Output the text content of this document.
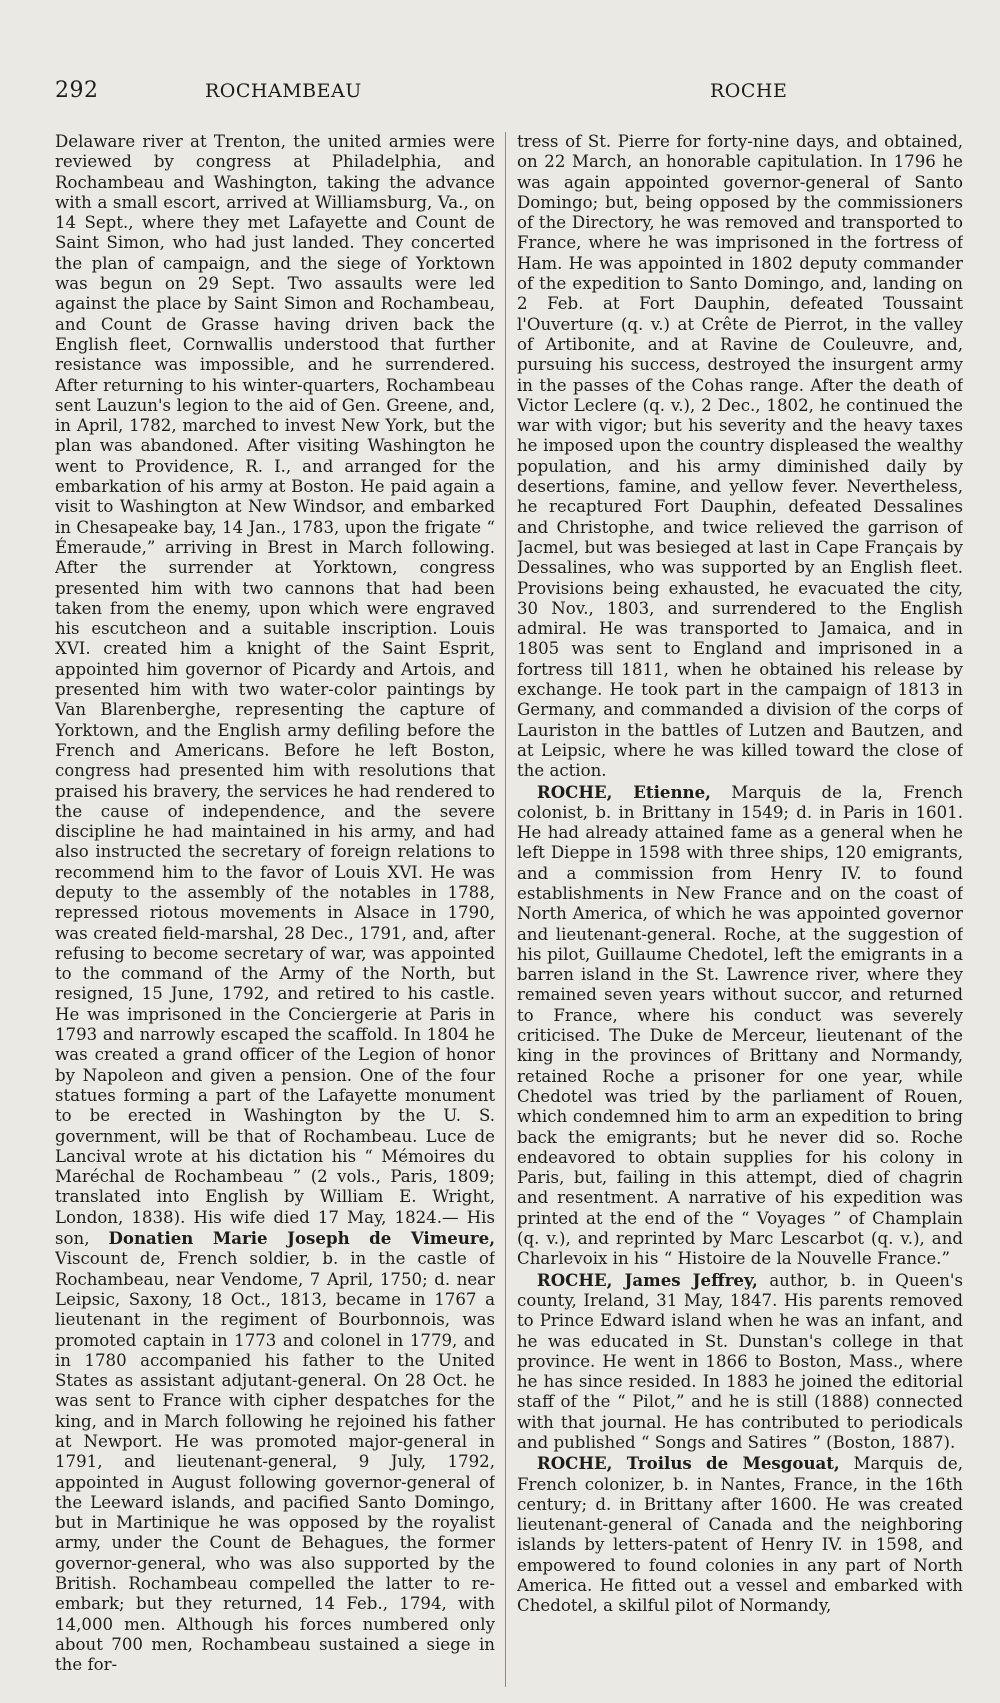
292	ROCHAMBEAU	ROCHE

Delaware river at Trenton, the united armies were reviewed by congress at Philadelphia, and Rochambeau and Washington, taking the advance with a small escort, arrived at Williamsburg, Va., on 14 Sept., where they met Lafayette and Count de Saint Simon, who had just landed. They concerted the plan of campaign, and the siege of Yorktown was begun on 29 Sept. Two assaults were led against the place by Saint Simon and Rochambeau, and Count de Grasse having driven back the English fleet, Cornwallis understood that further resistance was impossible, and he surrendered. After returning to his winter-quarters, Rochambeau sent Lauzun's legion to the aid of Gen. Greene, and, in April, 1782, marched to invest New York, but the plan was abandoned. After visiting Washington he went to Providence, R. I., and arranged for the embarkation of his army at Boston. He paid again a visit to Washington at New Windsor, and embarked in Chesapeake bay, 14 Jan., 1783, upon the frigate “ Émeraude,” arriving in Brest in March following. After the surrender at Yorktown, congress presented him with two cannons that had been taken from the enemy, upon which were engraved his escutcheon and a suitable inscription. Louis XVI. created him a knight of the Saint Esprit, appointed him governor of Picardy and Artois, and presented him with two water-color paintings by Van Blarenberghe, representing the capture of Yorktown, and the English army defiling before the French and Americans. Before he left Boston, congress had presented him with resolutions that praised his bravery, the services he had rendered to the cause of independence, and the severe discipline he had maintained in his army, and had also instructed the secretary of foreign relations to recommend him to the favor of Louis XVI. He was deputy to the assembly of the notables in 1788, repressed riotous movements in Alsace in 1790, was created field-marshal, 28 Dec., 1791, and, after refusing to become secretary of war, was appointed to the command of the Army of the North, but resigned, 15 June, 1792, and retired to his castle. He was imprisoned in the Conciergerie at Paris in 1793 and narrowly escaped the scaffold. In 1804 he was created a grand officer of the Legion of honor by Napoleon and given a pension. One of the four statues forming a part of the Lafayette monument to be erected in Washington by the U. S. government, will be that of Rochambeau. Luce de Lancival wrote at his dictation his “ Mémoires du Maréchal de Rochambeau ” (2 vols., Paris, 1809; translated into English by William E. Wright, London, 1838). His wife died 17 May, 1824.— His son, Donatien Marie Joseph de Vimeure, Viscount de, French soldier, b. in the castle of Rochambeau, near Vendome, 7 April, 1750; d. near Leipsic, Saxony, 18 Oct., 1813, became in 1767 a lieutenant in the regiment of Bourbonnois, was promoted captain in 1773 and colonel in 1779, and in 1780 accompanied his father to the United States as assistant adjutant-general. On 28 Oct. he was sent to France with cipher despatches for the king, and in March following he rejoined his father at Newport. He was promoted major-general in 1791, and lieutenant-general, 9 July, 1792, appointed in August following governor-general of the Leeward islands, and pacified Santo Domingo, but in Martinique he was opposed by the royalist army, under the Count de Behagues, the former governor-general, who was also supported by the British. Rochambeau compelled the latter to re-embark; but they returned, 14 Feb., 1794, with 14,000 men. Although his forces numbered only about 700 men, Rochambeau sustained a siege in the for-

tress of St. Pierre for forty-nine days, and obtained, on 22 March, an honorable capitulation. In 1796 he was again appointed governor-general of Santo Domingo; but, being opposed by the commissioners of the Directory, he was removed and transported to France, where he was imprisoned in the fortress of Ham. He was appointed in 1802 deputy commander of the expedition to Santo Domingo, and, landing on 2 Feb. at Fort Dauphin, defeated Toussaint l'Ouverture (q. v.) at Crête de Pierrot, in the valley of Artibonite, and at Ravine de Couleuvre, and, pursuing his success, destroyed the insurgent army in the passes of the Cohas range. After the death of Victor Leclere (q. v.), 2 Dec., 1802, he continued the war with vigor; but his severity and the heavy taxes he imposed upon the country displeased the wealthy population, and his army diminished daily by desertions, famine, and yellow fever. Nevertheless, he recaptured Fort Dauphin, defeated Dessalines and Christophe, and twice relieved the garrison of Jacmel, but was besieged at last in Cape Français by Dessalines, who was supported by an English fleet. Provisions being exhausted, he evacuated the city, 30 Nov., 1803, and surrendered to the English admiral. He was transported to Jamaica, and in 1805 was sent to England and imprisoned in a fortress till 1811, when he obtained his release by exchange. He took part in the campaign of 1813 in Germany, and commanded a division of the corps of Lauriston in the battles of Lutzen and Bautzen, and at Leipsic, where he was killed toward the close of the action.

ROCHE, Etienne, Marquis de la, French colonist, b. in Brittany in 1549; d. in Paris in 1601. He had already attained fame as a general when he left Dieppe in 1598 with three ships, 120 emigrants, and a commission from Henry IV. to found establishments in New France and on the coast of North America, of which he was appointed governor and lieutenant-general. Roche, at the suggestion of his pilot, Guillaume Chedotel, left the emigrants in a barren island in the St. Lawrence river, where they remained seven years without succor, and returned to France, where his conduct was severely criticised. The Duke de Merceur, lieutenant of the king in the provinces of Brittany and Normandy, retained Roche a prisoner for one year, while Chedotel was tried by the parliament of Rouen, which condemned him to arm an expedition to bring back the emigrants; but he never did so. Roche endeavored to obtain supplies for his colony in Paris, but, failing in this attempt, died of chagrin and resentment. A narrative of his expedition was printed at the end of the “ Voyages ” of Champlain (q. v.), and reprinted by Marc Lescarbot (q. v.), and Charlevoix in his “ Histoire de la Nouvelle France.”

ROCHE, James Jeffrey, author, b. in Queen's county, Ireland, 31 May, 1847. His parents removed to Prince Edward island when he was an infant, and he was educated in St. Dunstan's college in that province. He went in 1866 to Boston, Mass., where he has since resided. In 1883 he joined the editorial staff of the “ Pilot,” and he is still (1888) connected with that journal. He has contributed to periodicals and published “ Songs and Satires ” (Boston, 1887).

ROCHE, Troilus de Mesgouat, Marquis de, French colonizer, b. in Nantes, France, in the 16th century; d. in Brittany after 1600. He was created lieutenant-general of Canada and the neighboring islands by letters-patent of Henry IV. in 1598, and empowered to found colonies in any part of North America. He fitted out a vessel and embarked with Chedotel, a skilful pilot of Normandy,
